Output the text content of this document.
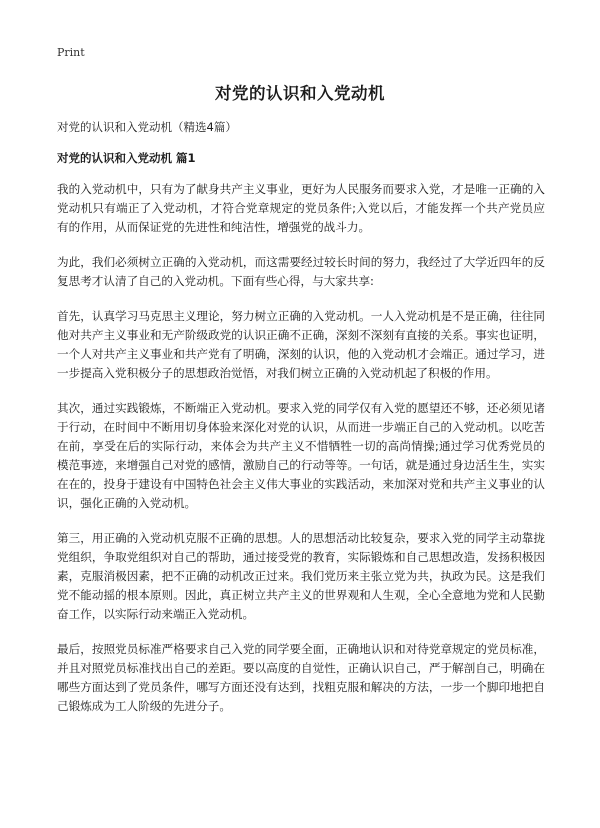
Print
对党的认识和入党动机

对党的认识和入党动机（精选4篇）

对党的认识和入党动机 篇1

我的入党动机中，只有为了献身共产主义事业，更好为人民服务而要求入党，才是唯一正确的入党动机只有端正了入党动机，才符合党章规定的党员条件;入党以后，才能发挥一个共产党员应有的作用，从而保证党的先进性和纯洁性，增强党的战斗力。

为此，我们必须树立正确的入党动机，而这需要经过较长时间的努力，我经过了大学近四年的反复思考才认清了自己的入党动机。下面有些心得，与大家共享:

首先，认真学习马克思主义理论，努力树立正确的入党动机。一人入党动机是不是正确，往往同他对共产主义事业和无产阶级政党的认识正确不正确，深刻不深刻有直接的关系。事实也证明，一个人对共产主义事业和共产党有了明确，深刻的认识，他的入党动机才会端正。通过学习，进一步提高入党积极分子的思想政治觉悟，对我们树立正确的入党动机起了积极的作用。

其次，通过实践锻炼，不断端正入党动机。要求入党的同学仅有入党的愿望还不够，还必须见诸于行动，在时间中不断用切身体验来深化对党的认识，从而进一步端正自己的入党动机。以吃苦在前，享受在后的实际行动，来体会为共产主义不惜牺牲一切的高尚情操;通过学习优秀党员的模范事迹，来增强自己对党的感情，激励自己的行动等等。一句话，就是通过身边活生生，实实在在的，投身于建设有中国特色社会主义伟大事业的实践活动，来加深对党和共产主义事业的认识，强化正确的入党动机。

第三，用正确的入党动机克服不正确的思想。人的思想活动比较复杂，要求入党的同学主动靠拢党组织，争取党组织对自己的帮助，通过接受党的教育，实际锻炼和自己思想改造，发扬积极因素，克服消极因素，把不正确的动机改正过来。我们党历来主张立党为共，执政为民。这是我们党不能动摇的根本原则。因此，真正树立共产主义的世界观和人生观，全心全意地为党和人民勤奋工作，以实际行动来端正入党动机。

最后，按照党员标准严格要求自己入党的同学要全面，正确地认识和对待党章规定的党员标准，并且对照党员标准找出自己的差距。要以高度的自觉性，正确认识自己，严于解剖自己，明确在哪些方面达到了党员条件，哪写方面还没有达到，找粗克服和解决的方法，一步一个脚印地把自己锻炼成为工人阶级的先进分子。
